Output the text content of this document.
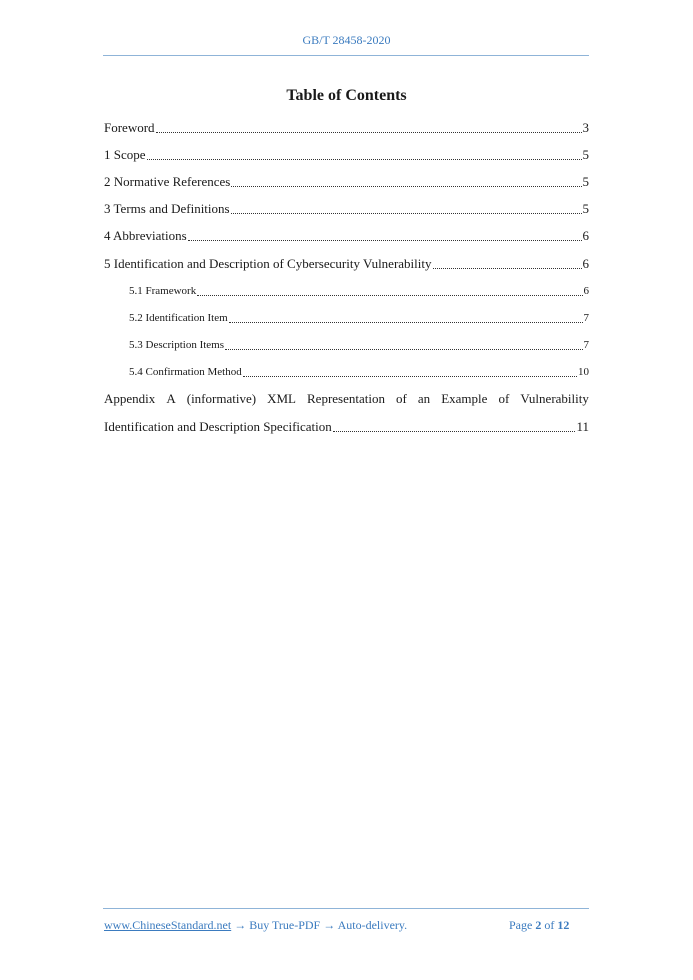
GB/T 28458-2020
Table of Contents
Foreword	3
1 Scope	5
2 Normative References	5
3 Terms and Definitions	5
4 Abbreviations	6
5 Identification and Description of Cybersecurity Vulnerability	6
5.1 Framework	6
5.2 Identification Item	7
5.3 Description Items	7
5.4 Confirmation Method	10
Appendix A (informative) XML Representation of an Example of Vulnerability
Identification and Description Specification	11
www.ChineseStandard.net → Buy True-PDF → Auto-delivery.	Page 2 of 12
